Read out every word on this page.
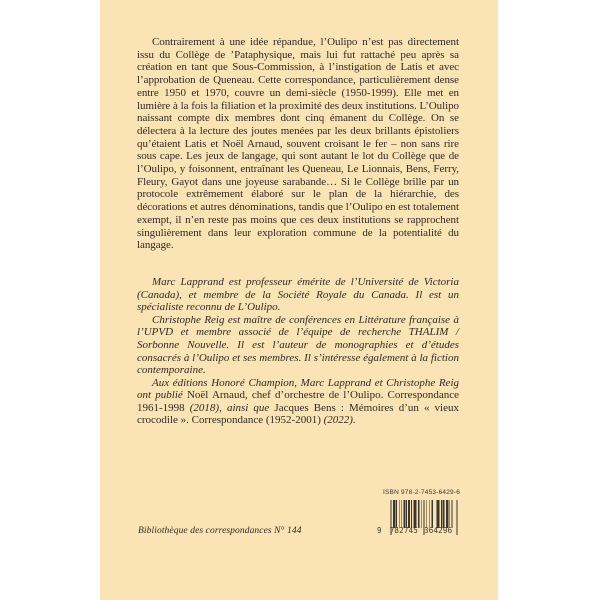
Contrairement à une idée répandue, l’Oulipo n’est pas directement issu du Collège de ’Pataphysique, mais lui fut rattaché peu après sa création en tant que Sous-Commission, à l’instigation de Latis et avec l’approbation de Queneau. Cette correspondance, particulièrement dense entre 1950 et 1970, couvre un demi-siècle (1950-1999). Elle met en lumière à la fois la filiation et la proximité des deux institutions. L’Oulipo naissant compte dix membres dont cinq émanent du Collège. On se délectera à la lecture des joutes menées par les deux brillants épistoliers qu’étaient Latis et Noël Arnaud, souvent croisant le fer – non sans rire sous cape. Les jeux de langage, qui sont autant le lot du Collège que de l’Oulipo, y foisonnent, entraînant les Queneau, Le Lionnais, Bens, Ferry, Fleury, Gayot dans une joyeuse sarabande… Si le Collège brille par un protocole extrêmement élaboré sur le plan de la hiérarchie, des décorations et autres dénominations, tandis que l’Oulipo en est totalement exempt, il n’en reste pas moins que ces deux institutions se rapprochent singulièrement dans leur exploration commune de la potentialité du langage.

Marc Lapprand est professeur émérite de l’Université de Victoria (Canada), et membre de la Société Royale du Canada. Il est un spécialiste reconnu de L’Oulipo.

Christophe Reig est maître de conférences en Littérature française à l’UPVD et membre associé de l’équipe de recherche THALIM / Sorbonne Nouvelle. Il est l’auteur de monographies et d’études consacrés à l’Oulipo et ses membres. Il s’intéresse également à la fiction contemporaine.

Aux éditions Honoré Champion, Marc Lapprand et Christophe Reig ont publié Noël Arnaud, chef d’orchestre de l’Oulipo. Correspondance 1961-1998 (2018), ainsi que Jacques Bens : Mémoires d’un « vieux crocodile ». Correspondance (1952-2001) (2022).

Bibliothèque des correspondances N° 144
ISBN 978-2-7453-6429-6
9 782745 364296
